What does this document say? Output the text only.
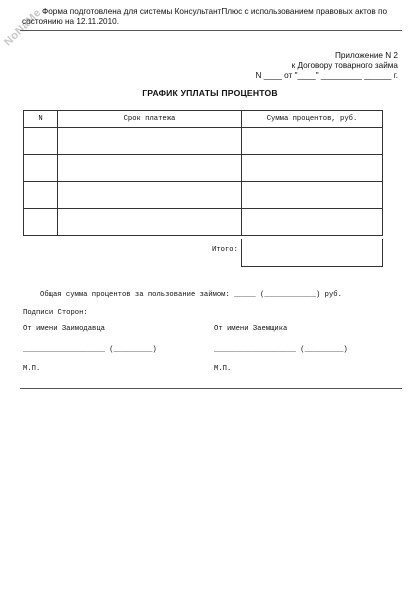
NoNaMe
Форма подготовлена для системы КонсультантПлюс с использованием правовых актов по
состоянию на 12.11.2010.
Приложение N 2
к Договору товарного займа
N ____ от "____" _________ ______ г.
ГРАФИК УПЛАТЫ ПРОЦЕНТОВ
N	Срок платежа	Сумма процентов, руб.

Итого:
Общая сумма процентов за пользование займом: _____ (____________) руб.
Подписи Сторон:
От имени Заимодавца	От имени Заемщика
___________________ (_________)	___________________ (_________)
М.П.	М.П.
